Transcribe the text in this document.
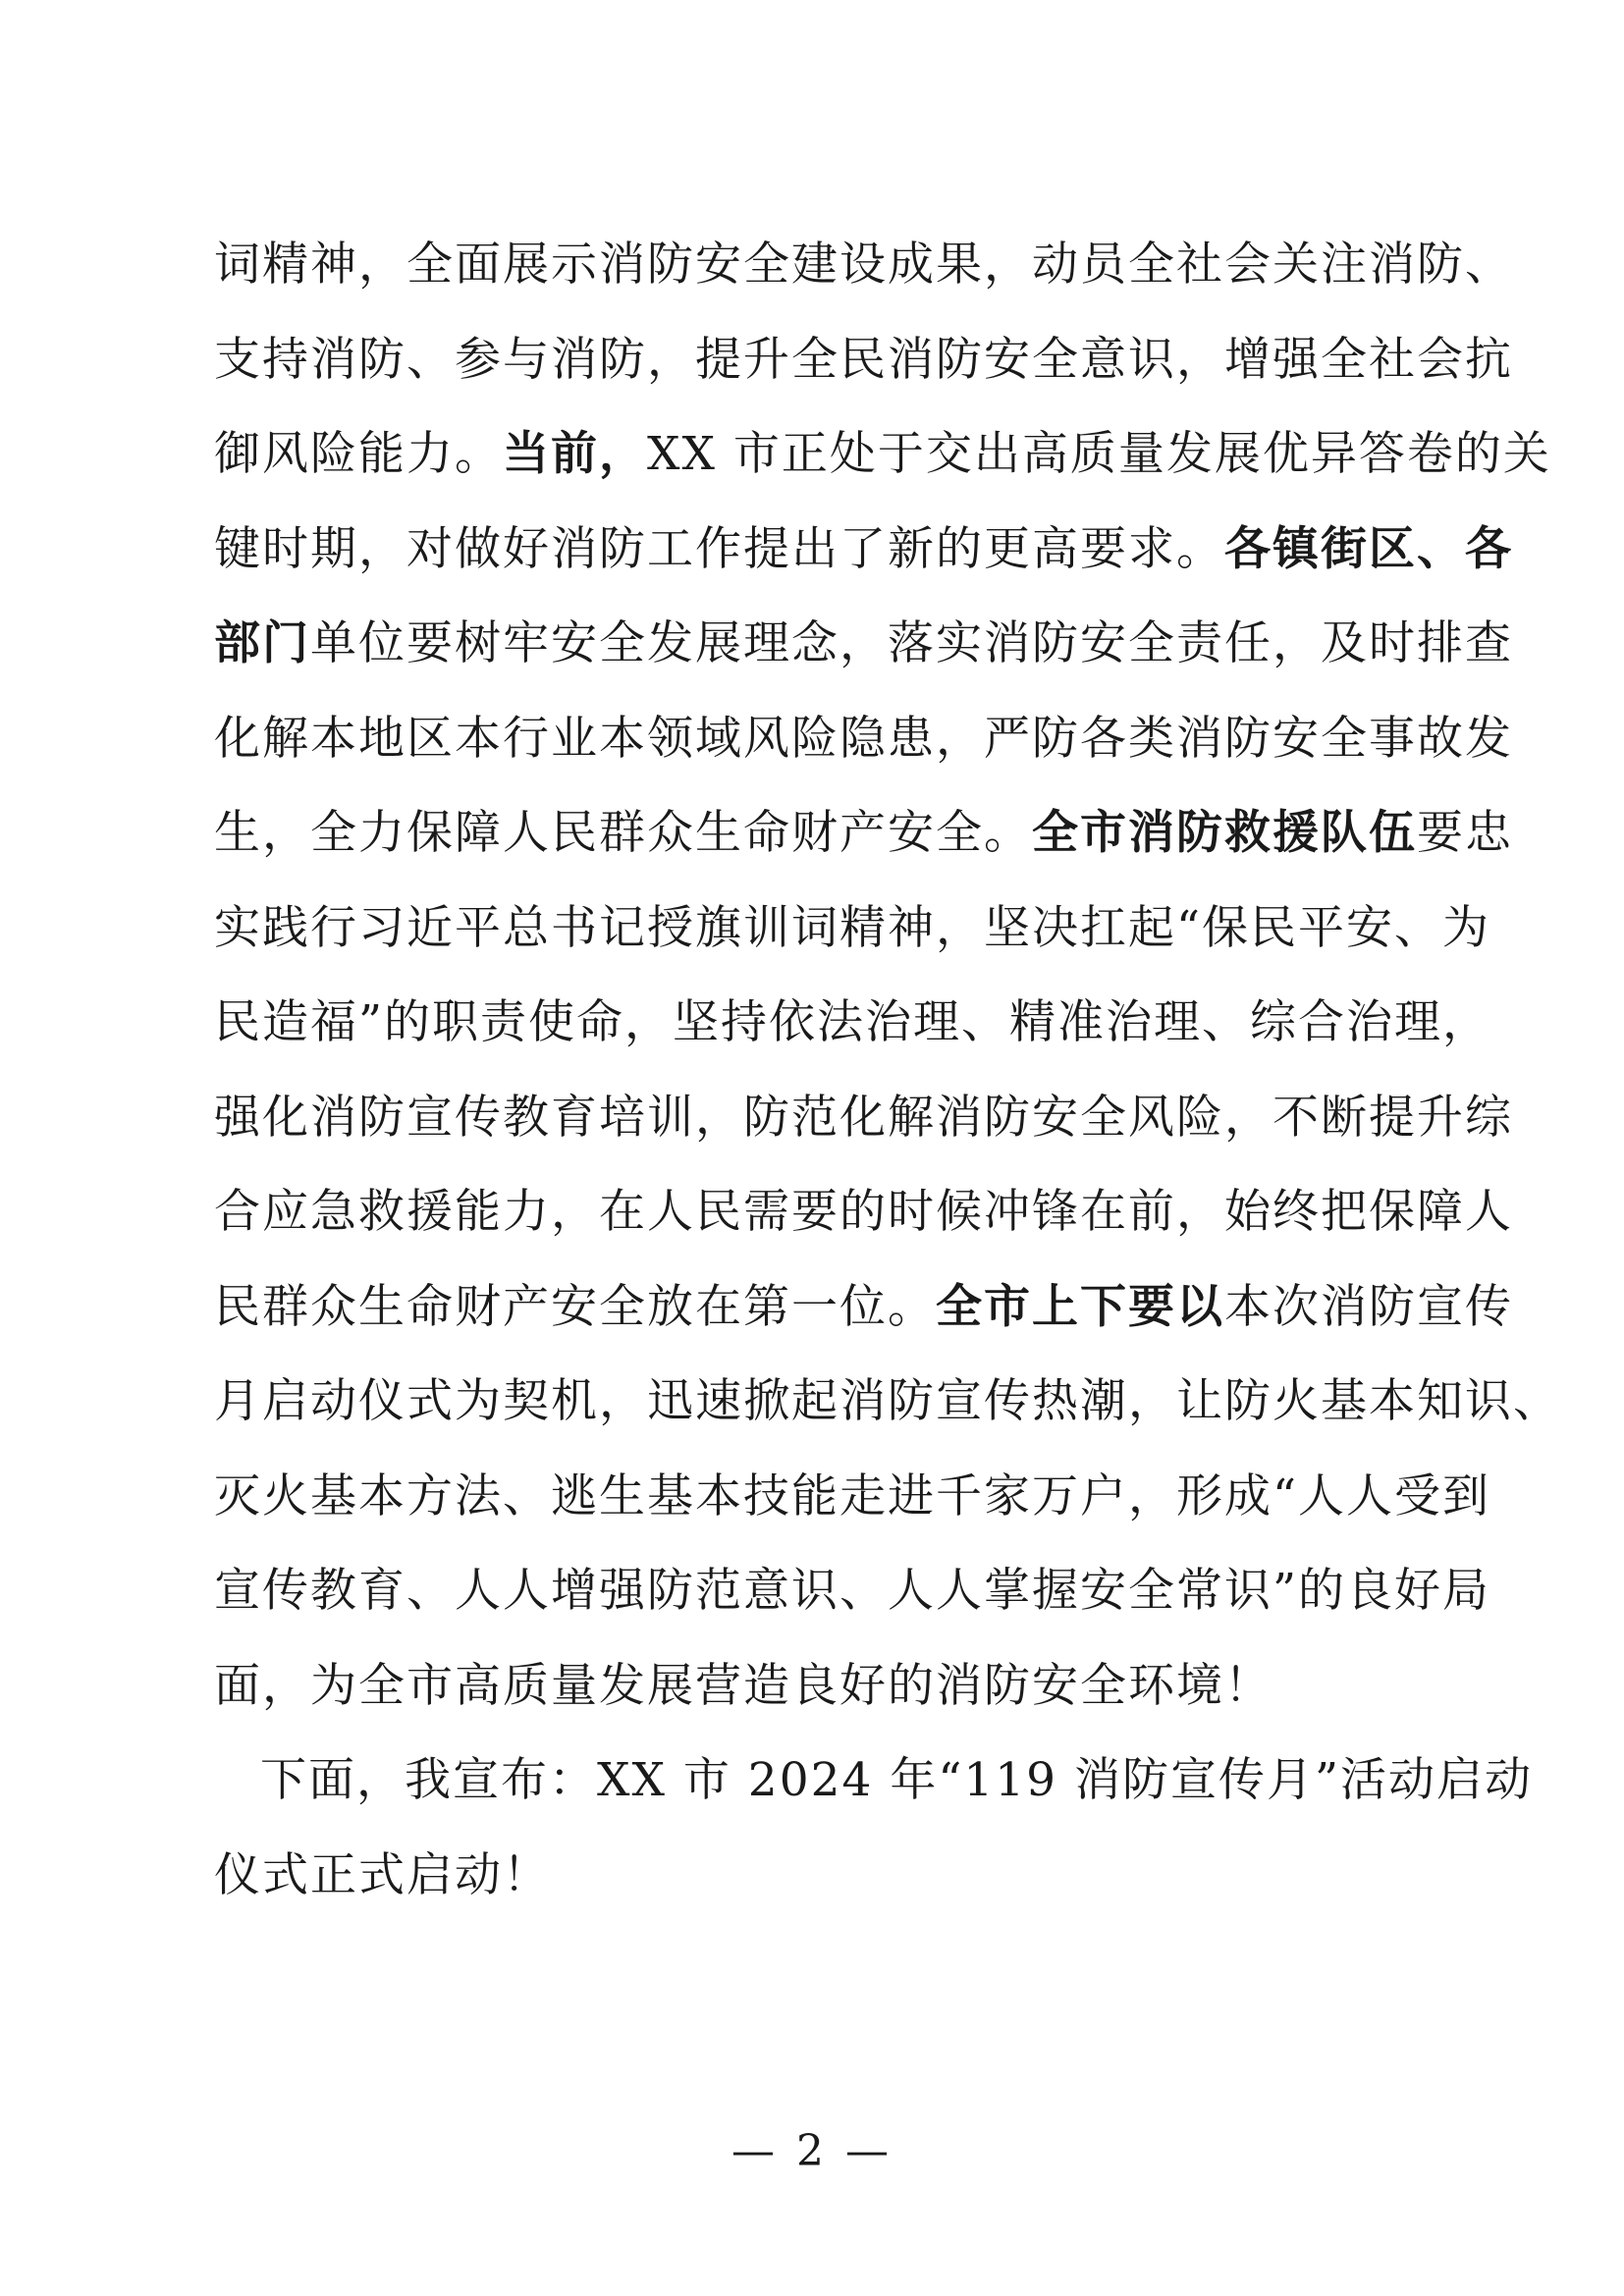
词精神，全面展示消防安全建设成果，动员全社会关注消防、
支持消防、参与消防，提升全民消防安全意识，增强全社会抗
御风险能力。当前，XX 市正处于交出高质量发展优异答卷的关
键时期，对做好消防工作提出了新的更高要求。各镇街区、各
部门单位要树牢安全发展理念，落实消防安全责任，及时排查
化解本地区本行业本领域风险隐患，严防各类消防安全事故发
生，全力保障人民群众生命财产安全。全市消防救援队伍要忠
实践行习近平总书记授旗训词精神，坚决扛起“保民平安、为
民造福”的职责使命，坚持依法治理、精准治理、综合治理，
强化消防宣传教育培训，防范化解消防安全风险，不断提升综
合应急救援能力，在人民需要的时候冲锋在前，始终把保障人
民群众生命财产安全放在第一位。全市上下要以本次消防宣传
月启动仪式为契机，迅速掀起消防宣传热潮，让防火基本知识、
灭火基本方法、逃生基本技能走进千家万户，形成“人人受到
宣传教育、人人增强防范意识、人人掌握安全常识”的良好局
面，为全市高质量发展营造良好的消防安全环境！
下面，我宣布：XX 市 2024 年“119 消防宣传月”活动启动
仪式正式启动！
— 2 —
